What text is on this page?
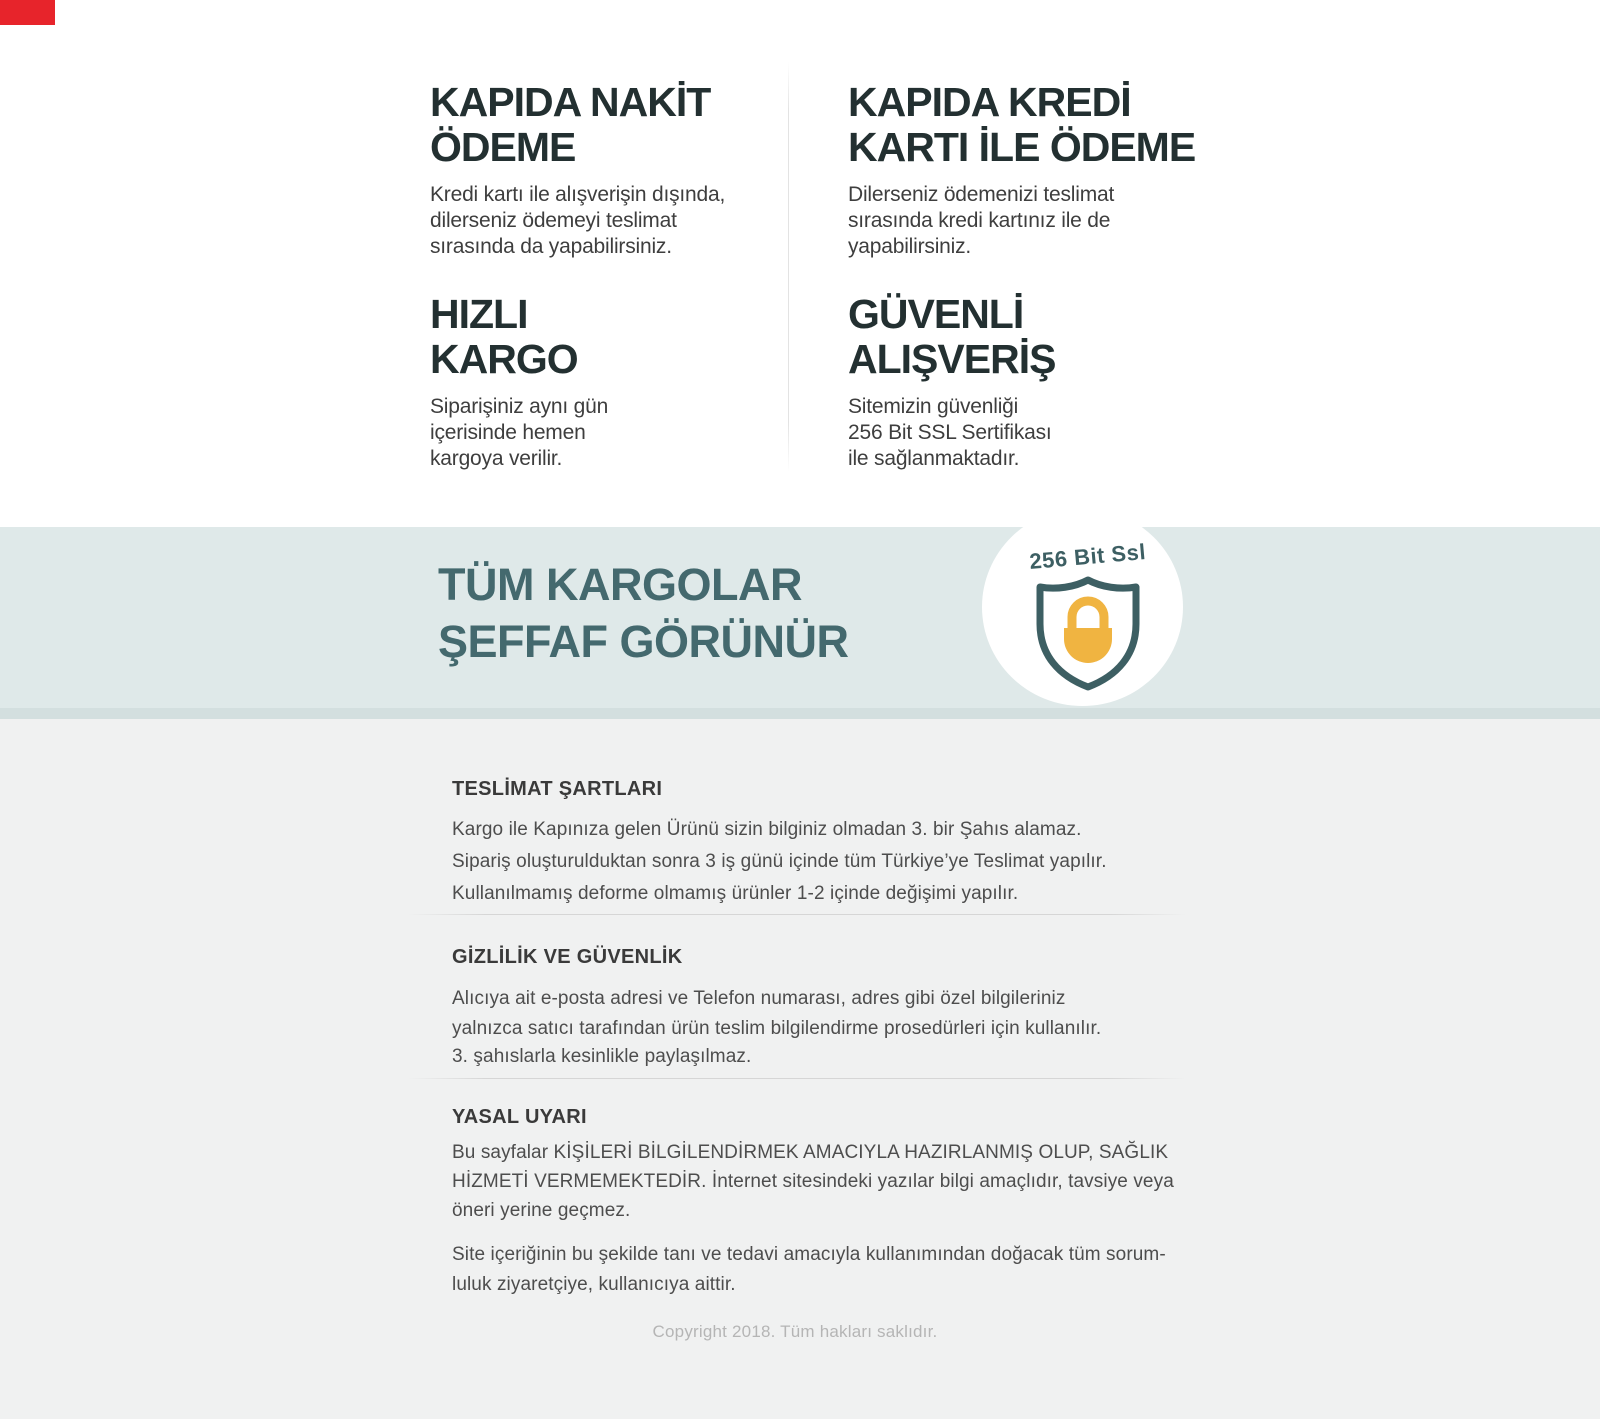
KAPIDA NAKİT
ÖDEME

Kredi kartı ile alışverişin dışında,
dilerseniz ödemeyi teslimat
sırasında da yapabilirsiniz.

KAPIDA KREDİ
KARTI İLE ÖDEME

Dilerseniz ödemenizi teslimat
sırasında kredi kartınız ile de
yapabilirsiniz.

HIZLI
KARGO

Siparişiniz aynı gün
içerisinde hemen
kargoya verilir.

GÜVENLİ
ALIŞVERİŞ

Sitemizin güvenliği
256 Bit SSL Sertifikası
ile sağlanmaktadır.

TÜM KARGOLAR
ŞEFFAF GÖRÜNÜR
256 Bit Ssl
TESLİMAT ŞARTLARI

Kargo ile Kapınıza gelen Ürünü sizin bilginiz olmadan 3. bir Şahıs alamaz.
Sipariş oluşturulduktan sonra 3 iş günü içinde tüm Türkiye’ye Teslimat yapılır.
Kullanılmamış deforme olmamış ürünler 1-2 içinde değişimi yapılır.

GİZLİLİK VE GÜVENLİK

Alıcıya ait e-posta adresi ve Telefon numarası, adres gibi özel bilgileriniz
yalnızca satıcı tarafından ürün teslim bilgilendirme prosedürleri için kullanılır.

3. şahıslarla kesinlikle paylaşılmaz.

YASAL UYARI

Bu sayfalar KİŞİLERİ BİLGİLENDİRMEK AMACIYLA HAZIRLANMIŞ OLUP, SAĞLIK
HİZMETİ VERMEMEKTEDİR. İnternet sitesindeki yazılar bilgi amaçlıdır, tavsiye veya
öneri yerine geçmez.

Site içeriğinin bu şekilde tanı ve tedavi amacıyla kullanımından doğacak tüm sorum-
luluk ziyaretçiye, kullanıcıya aittir.

Copyright 2018. Tüm hakları saklıdır.
